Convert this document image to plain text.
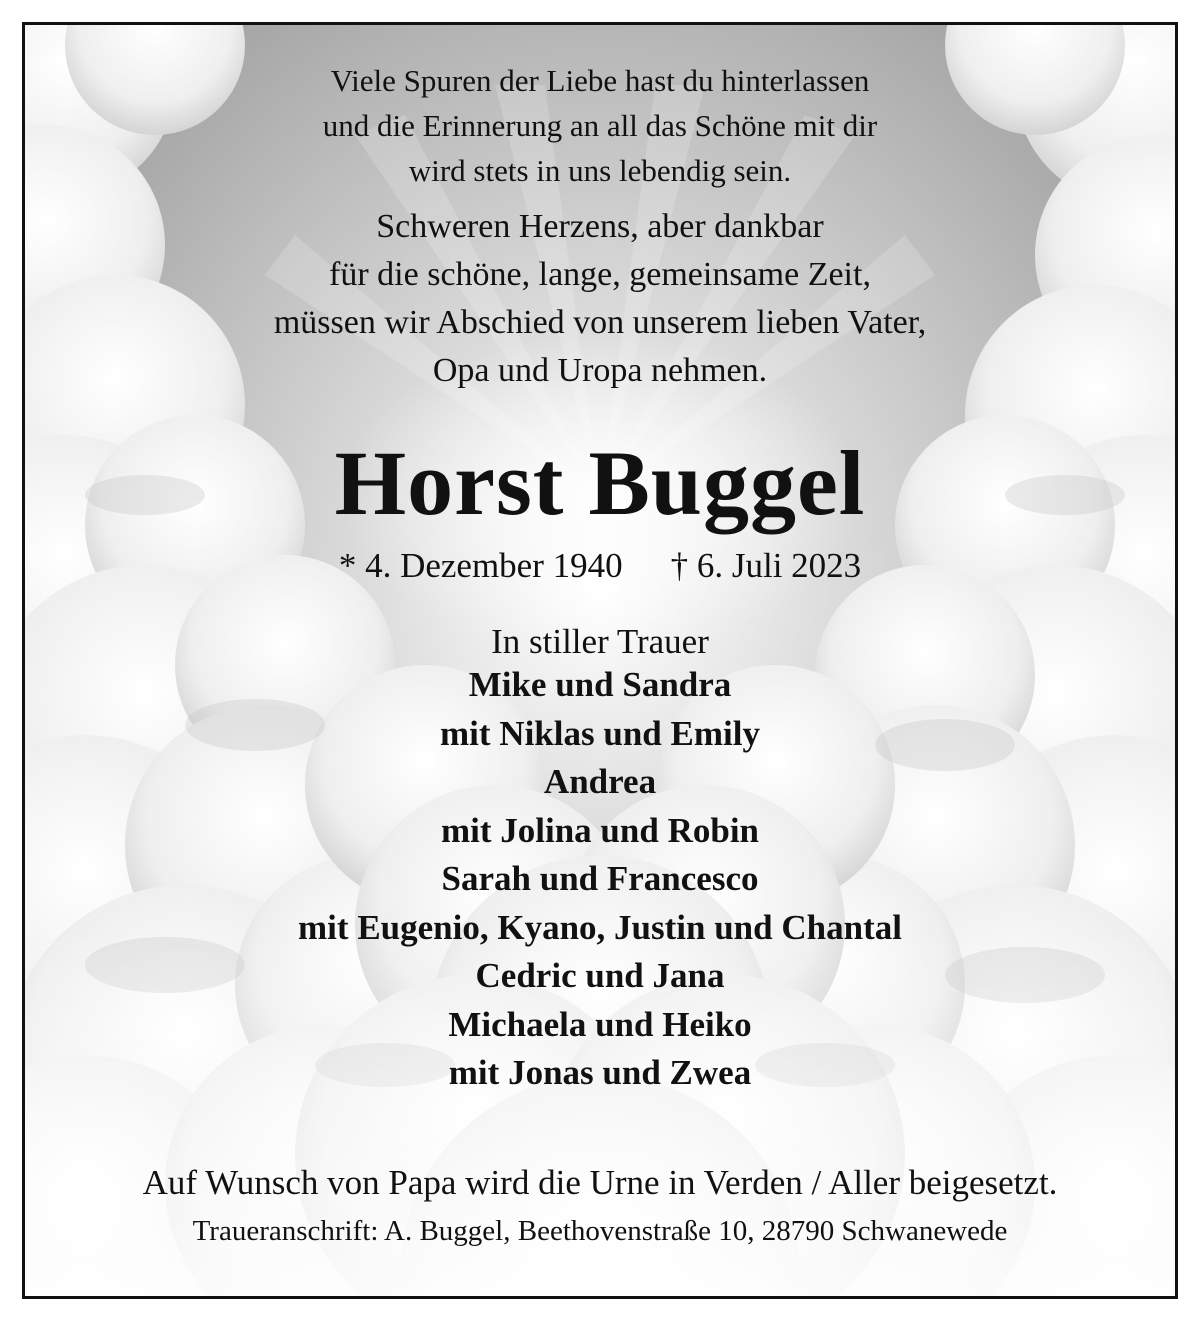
Viele Spuren der Liebe hast du hinterlassen
und die Erinnerung an all das Schöne mit dir
wird stets in uns lebendig sein.
Schweren Herzens, aber dankbar
für die schöne, lange, gemeinsame Zeit,
müssen wir Abschied von unserem lieben Vater,
Opa und Uropa nehmen.
Horst Buggel
* 4. Dezember 1940 † 6. Juli 2023
In stiller Trauer
Mike und Sandra
mit Niklas und Emily
Andrea
mit Jolina und Robin
Sarah und Francesco
mit Eugenio, Kyano, Justin und Chantal
Cedric und Jana
Michaela und Heiko
mit Jonas und Zwea
Auf Wunsch von Papa wird die Urne in Verden / Aller beigesetzt.
Traueranschrift: A. Buggel, Beethovenstraße 10, 28790 Schwanewede
